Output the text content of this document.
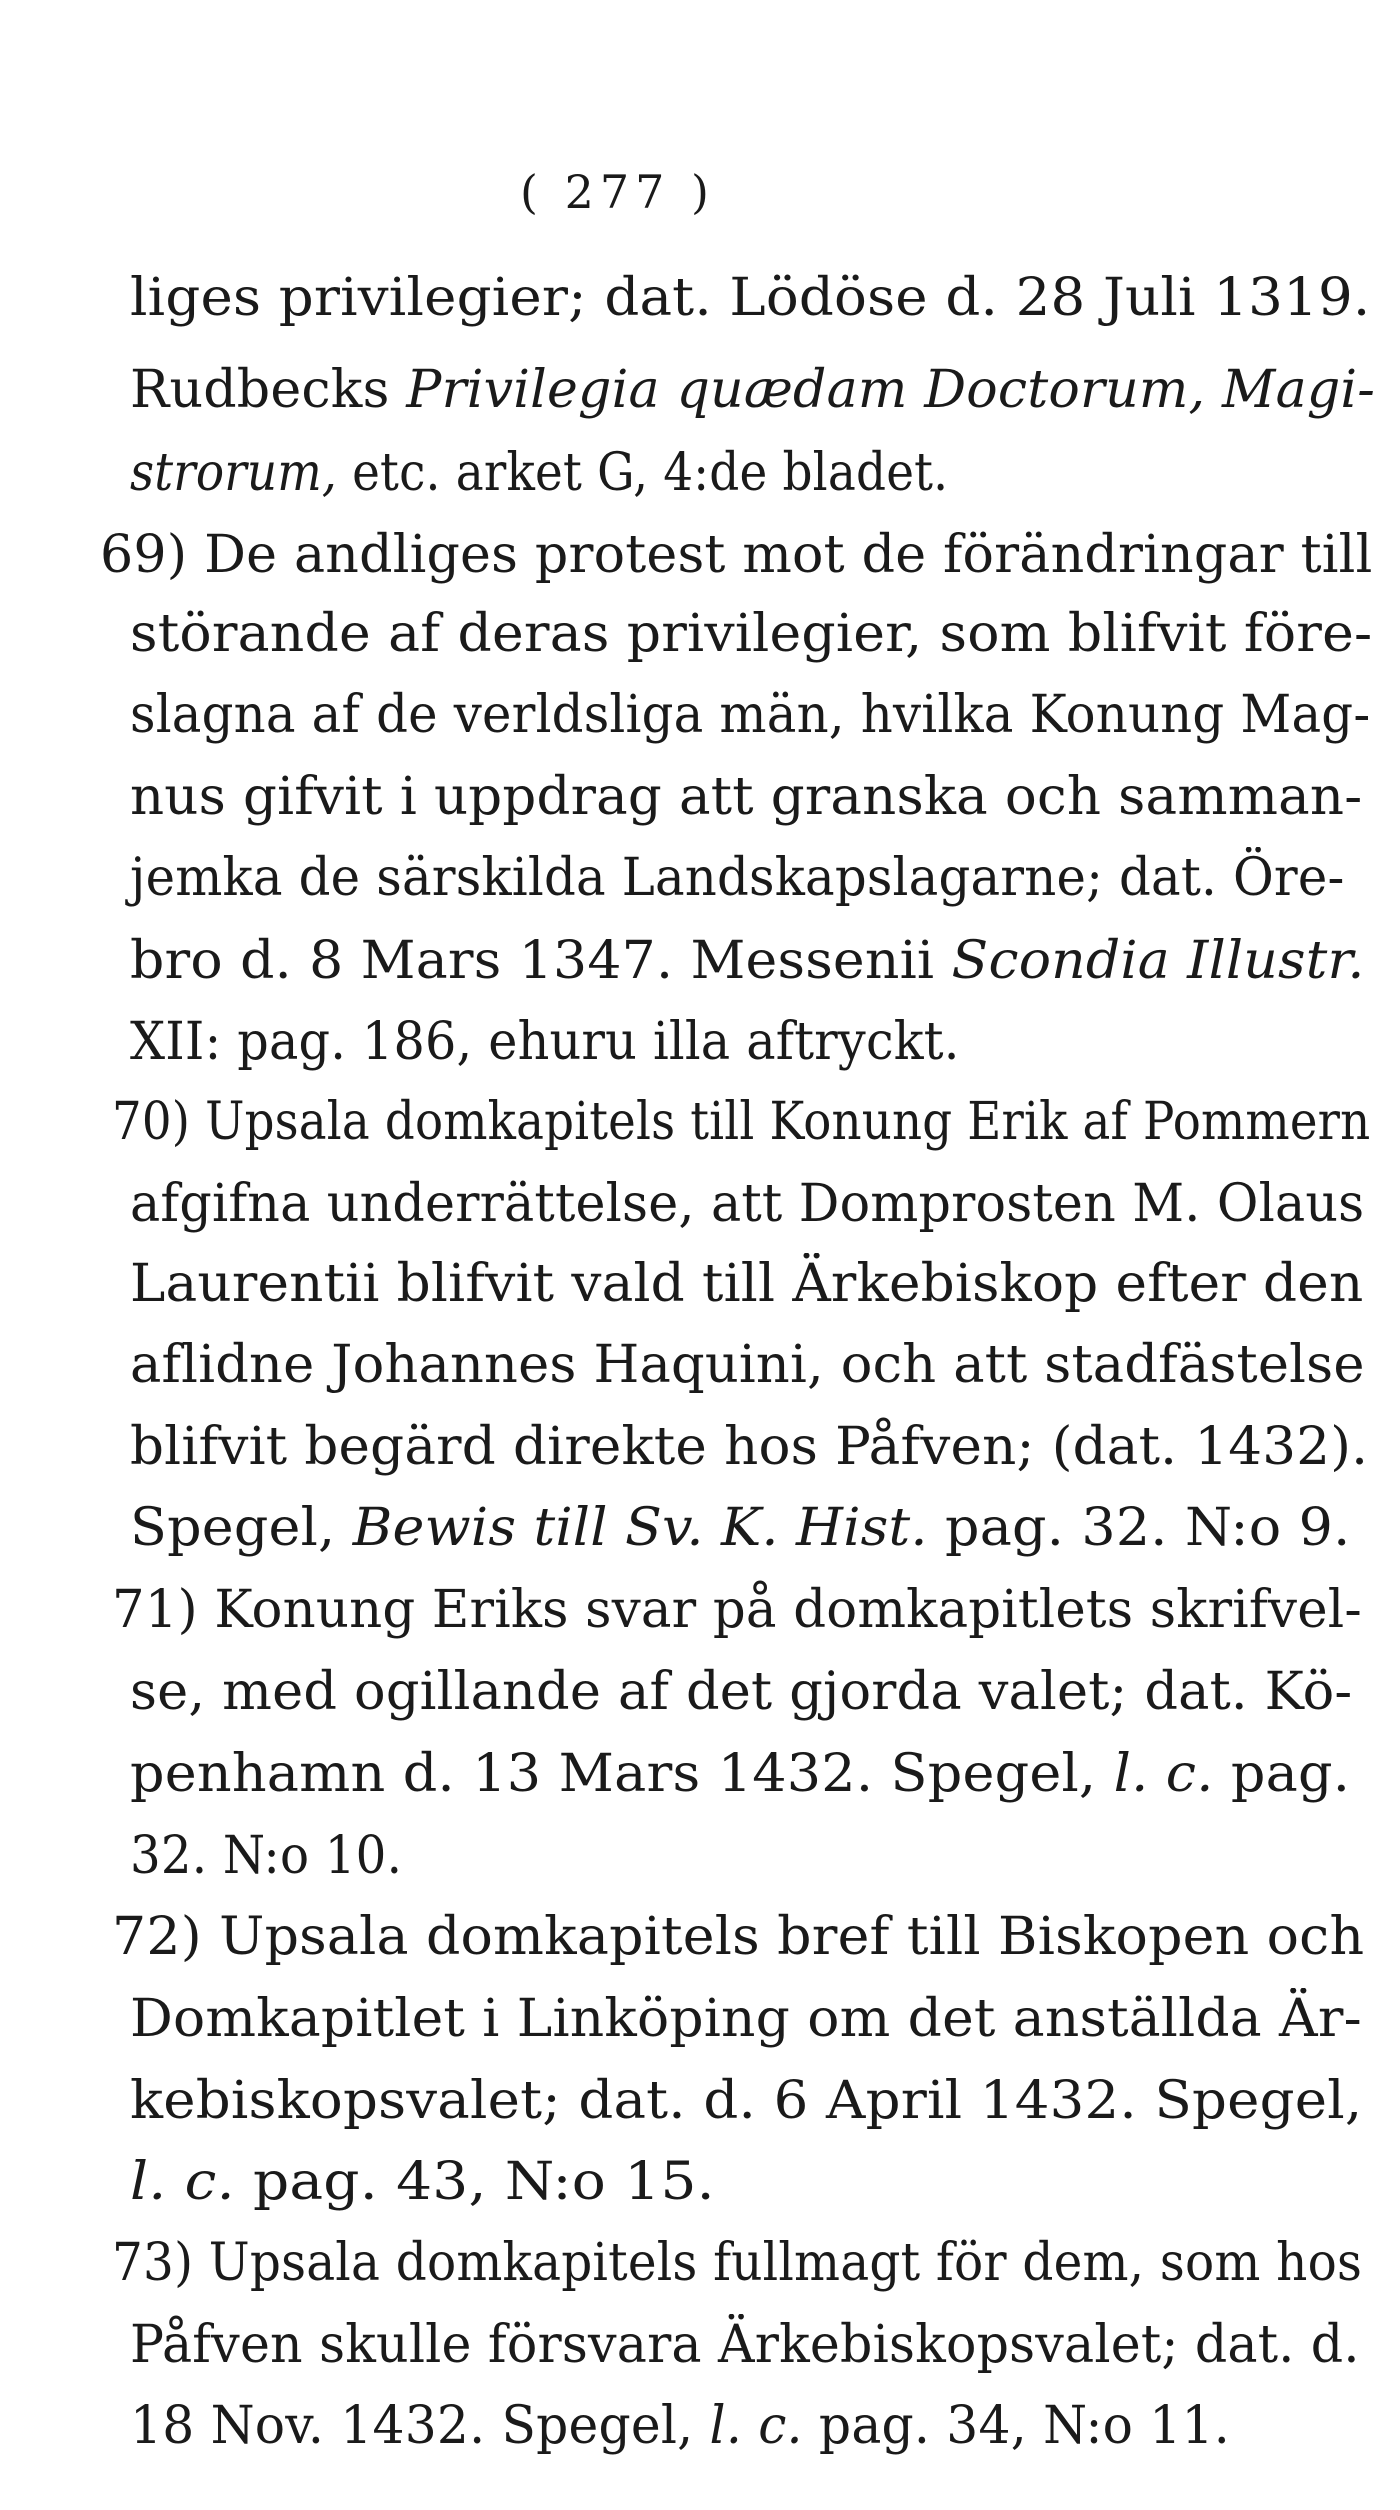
( 277 )
liges privilegier; dat. Lödöse d. 28 Juli 1319.
Rudbecks Privilegia quædam Doctorum, Magi-
strorum, etc. arket G, 4:de bladet.
69) De andliges protest mot de förändringar till
störande af deras privilegier, som blifvit före-
slagna af de verldsliga män, hvilka Konung Mag-
nus gifvit i uppdrag att granska och samman-
jemka de särskilda Landskapslagarne; dat. Öre-
bro d. 8 Mars 1347. Messenii Scondia Illustr.
XII: pag. 186, ehuru illa aftryckt.
70) Upsala domkapitels till Konung Erik af Pommern
afgifna underrättelse, att Domprosten M. Olaus
Laurentii blifvit vald till Ärkebiskop efter den
aflidne Johannes Haquini, och att stadfästelse
blifvit begärd direkte hos Påfven; (dat. 1432).
Spegel, Bewis till Sv. K. Hist. pag. 32. N:o 9.
71) Konung Eriks svar på domkapitlets skrifvel-
se, med ogillande af det gjorda valet; dat. Kö-
penhamn d. 13 Mars 1432. Spegel, l. c. pag.
32. N:o 10.
72) Upsala domkapitels bref till Biskopen och
Domkapitlet i Linköping om det anställda Är-
kebiskopsvalet; dat. d. 6 April 1432. Spegel,
l. c. pag. 43, N:o 15.
73) Upsala domkapitels fullmagt för dem, som hos
Påfven skulle försvara Ärkebiskopsvalet; dat. d.
18 Nov. 1432. Spegel, l. c. pag. 34, N:o 11.
